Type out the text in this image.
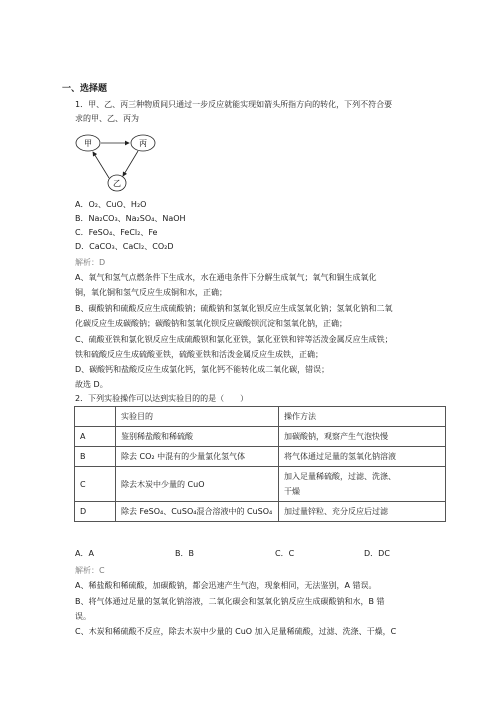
一、选择题
1．甲、乙、丙三种物质间只通过一步反应就能实现如箭头所指方向的转化，下列不符合要
求的甲、乙、丙为
甲	丙
乙
A．O₂、CuO、H₂O
B．Na₂CO₃、Na₂SO₄、NaOH
C．FeSO₄、FeCl₂、Fe
D．CaCO₃、CaCl₂、CO₂D
解析：D
A、氧气和氢气点燃条件下生成水，水在通电条件下分解生成氧气；氧气和铜生成氧化
铜，氧化铜和氢气反应生成铜和水，正确；
B、碳酸钠和硫酸反应生成硫酸钠；硫酸钠和氢氧化钡反应生成氢氧化钠；氢氧化钠和二氧
化碳反应生成碳酸钠；碳酸钠和氢氧化钡反应碳酸钡沉淀和氢氧化钠，正确；
C、硫酸亚铁和氯化钡反应生成硫酸钡和氯化亚铁，氯化亚铁和锌等活泼金属反应生成铁；
铁和硫酸反应生成硫酸亚铁，硫酸亚铁和活泼金属反应生成铁，正确；
D、碳酸钙和盐酸反应生成氯化钙，氯化钙不能转化成二氧化碳，错误；
故选 D。
2．下列实验操作可以达到实验目的的是（　　）
	实验目的	操作方法
A	鉴别稀盐酸和稀硫酸	加碳酸钠，观察产生气泡快慢
B	除去 CO₂ 中混有的少量氯化氢气体	将气体通过足量的氢氧化钠溶液
C	除去木炭中少量的 CuO	加入足量稀硫酸，过滤、洗涤、
干燥

D	除去 FeSO₄、CuSO₄混合溶液中的 CuSO₄	加过量锌粒、充分反应后过滤
A．A	B．B	C．C	D．DC
解析：C
A、稀盐酸和稀硫酸，加碳酸钠，都会迅速产生气泡，现象相同，无法鉴别，A 错误。
B、将气体通过足量的氢氧化钠溶液，二氧化碳会和氢氧化钠反应生成碳酸钠和水，B 错
误。
C、木炭和稀硫酸不反应，除去木炭中少量的 CuO 加入足量稀硫酸，过滤、洗涤、干燥，C
